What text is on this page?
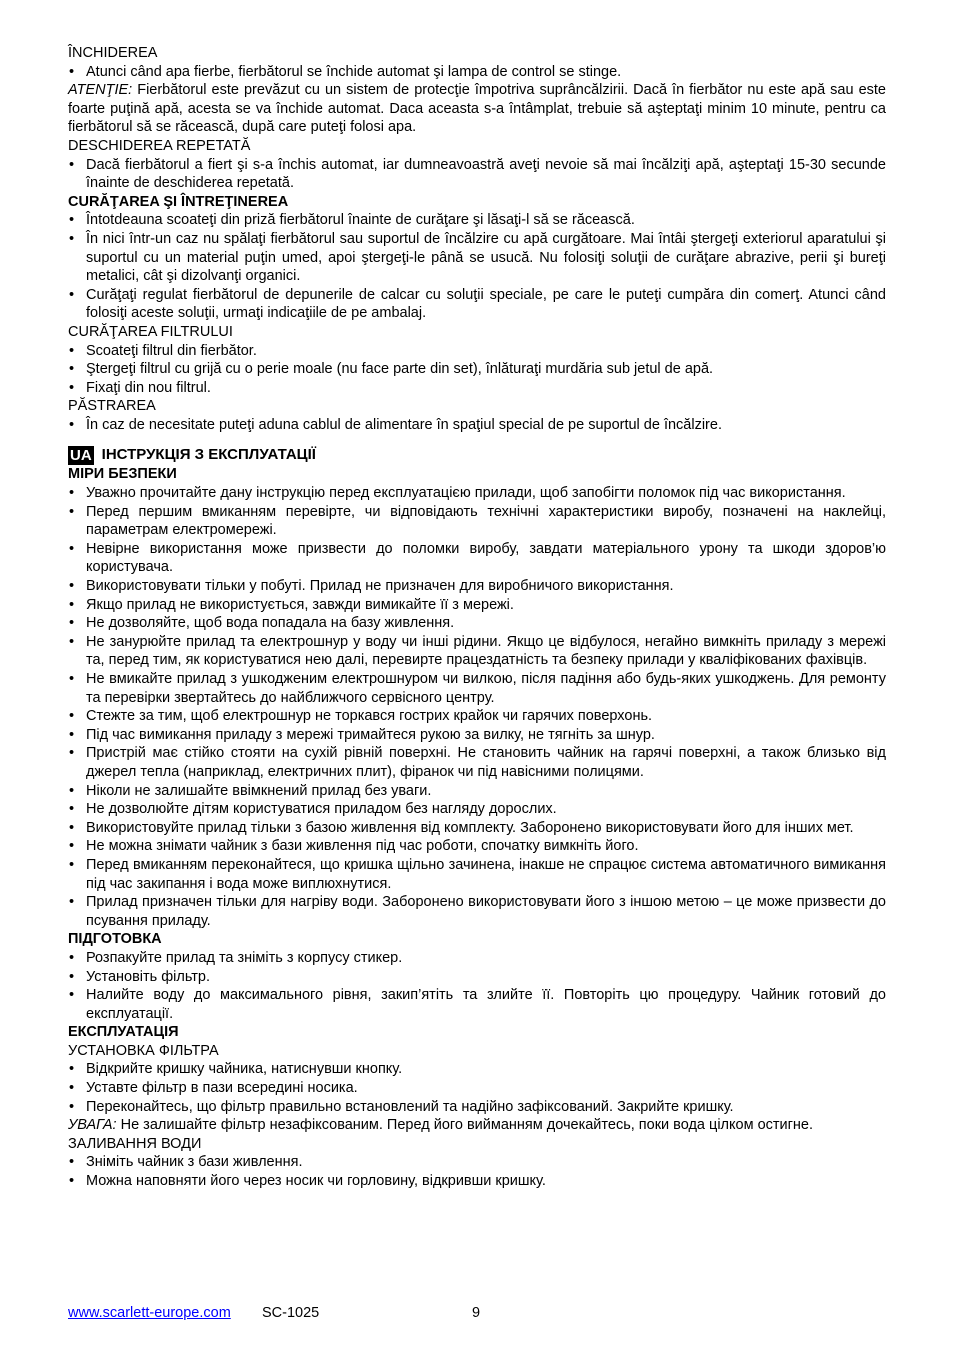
ÎNCHIDEREA

• Atunci când apa fierbe, fierbătorul se închide automat şi lampa de control se stinge.

ATENŢIE: Fierbătorul este prevăzut cu un sistem de protecţie împotriva suprâncălzirii. Dacă în fierbător nu este apă sau este foarte puţină apă, acesta se va închide automat. Daca aceasta s-a întâmplat, trebuie să aşteptaţi minim 10 minute, pentru ca fierbătorul să se răcească, după care puteţi folosi apa.

DESCHIDEREA REPETATĂ

• Dacă fierbătorul a fiert şi s-a închis automat, iar dumneavoastră aveţi nevoie să mai încălziţi apă, aşteptaţi 15-30 secunde înainte de deschiderea repetată.

CURĂŢAREA ŞI ÎNTREŢINEREA

• Întotdeauna scoateţi din priză fierbătorul înainte de curăţare şi lăsaţi-l să se răcească.
• În nici într-un caz nu spălaţi fierbătorul sau suportul de încălzire cu apă curgătoare. Mai întâi ştergeţi exteriorul aparatului şi suportul cu un material puţin umed, apoi ştergeţi-le până se usucă. Nu folosiţi soluţii de curăţare abrazive, perii şi bureţi metalici, cât şi dizolvanţi organici.
• Curăţaţi regulat fierbătorul de depunerile de calcar cu soluţii speciale, pe care le puteţi cumpăra din comerţ. Atunci când folosiţi aceste soluţii, urmaţi indicaţiile de pe ambalaj.

CURĂŢAREA FILTRULUI

• Scoateţi filtrul din fierbător.
• Ştergeţi filtrul cu grijă cu o perie moale (nu face parte din set), înlăturaţi murdăria sub jetul de apă.
• Fixaţi din nou filtrul.

PĂSTRAREA

• În caz de necesitate puteţi aduna cablul de alimentare în spaţiul special de pe suportul de încălzire.
UA ІНСТРУКЦІЯ З ЕКСПЛУАТАЦІЇ

МІРИ БЕЗПЕКИ

• Уважно прочитайте дану інструкцію перед експлуатацією прилади, щоб запобігти поломок під час використання.
• Перед першим вмиканням перевірте, чи відповідають технічні характеристики виробу, позначені на наклейці, параметрам електромережі.
• Невірне використання може призвести до поломки виробу, завдати матеріального урону та шкоди здоров’ю користувача.
• Використовувати тільки у побуті. Прилад не призначен для виробничого використання.
• Якщо прилад не використується, завжди вимикайте її з мережі.
• Не дозволяйте, щоб вода попадала на базу живлення.
• Не занурюйте прилад та електрошнур у воду чи інші рідини. Якщо це відбулося, негайно вимкніть приладу з мережі та, перед тим, як користуватися нею далі, перевирте працездатність та безпеку прилади у кваліфікованих фахівців.
• Не вмикайте прилад з ушкодженим електрошнуром чи вилкою, після падіння або будь-яких ушкоджень. Для ремонту та перевірки звертайтесь до найближчого сервісного центру.
• Стежте за тим, щоб електрошнур не торкався гострих крайок чи гарячих поверхонь.
• Під час вимикання приладу з мережі тримайтеся рукою за вилку, не тягніть за шнур.
• Пристрій має стійко стояти на сухій рівній поверхні. Не становить чайник на гарячі поверхні, а також близько від джерел тепла (наприклад, електричних плит), фіранок чи під навісними полицями.
• Ніколи не залишайте ввімкнений прилад без уваги.
• Не дозволюйте дітям користуватися приладом без нагляду дорослих.
• Використовуйте прилад тільки з базою живлення від комплекту. Заборонено використовувати його для інших мет.
• Не можна знімати чайник з бази живлення під час роботи, спочатку вимкніть його.
• Перед вмиканням переконайтеся, що кришка щільно зачинена, інакше не спрацює система автоматичного вимикання під час закипання і вода може виплюхнутися.
• Прилад призначен тільки для нагріву води. Заборонено використовувати його з іншою метою – це може призвести до псування приладу.

ПІДГОТОВКА

• Розпакуйте прилад та зніміть з корпусу стикер.
• Установіть фільтр.
• Налийте воду до максимального рівня, закип’ятіть та злийте її. Повторіть цю процедуру. Чайник готовий до експлуатації.

ЕКСПЛУАТАЦІЯ

УСТАНОВКА ФІЛЬТРА

• Відкрийте кришку чайника, натиснувши кнопку.
• Уставте фільтр в пази всередині носика.
• Переконайтесь, що фільтр правильно встановлений та надійно зафіксований. Закрийте кришку.

УВАГА: Не залишайте фільтр незафіксованим. Перед його вийманням дочекайтесь, поки вода цілком остигне.

ЗАЛИВАННЯ ВОДИ

• Зніміть чайник з бази живлення.
• Можна наповняти його через носик чи горловину, відкривши кришку.
www.scarlett-europe.com SC-1025	9
